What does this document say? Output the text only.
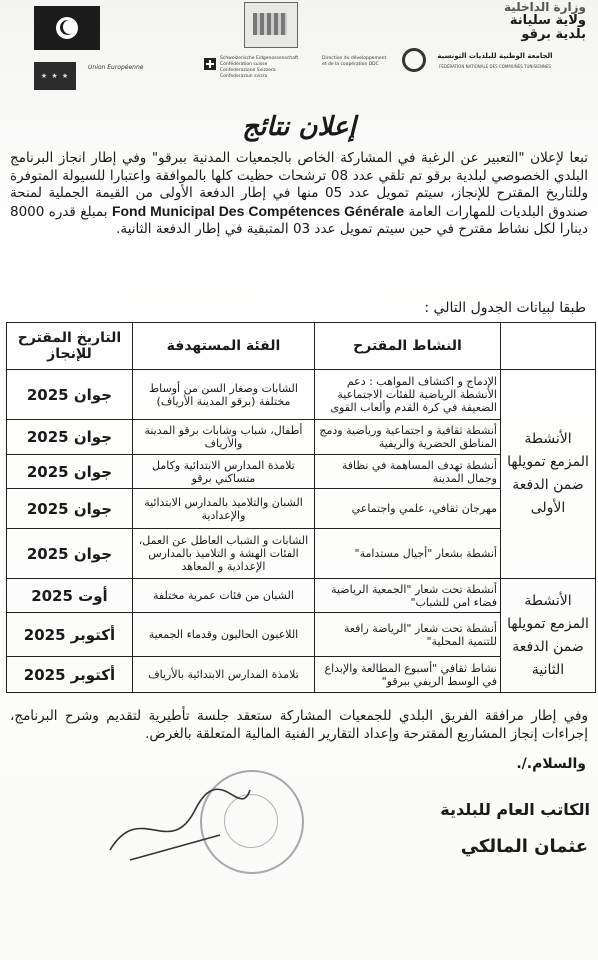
★ ★ ★
Union Européenne
Schweizerische Eidgenossenschaft Confédération suisse Confederazione Svizzera Confederaziun svizra
Direction du développement et de la coopération DDC
الجامعة الوطنية للبلديات التونسية
FÉDÉRATION NATIONALE DES COMMUNES TUNISIENNES
وزارة الداخلية
ولاية سليانة
بلدية برقو
إعلان نتائج
تبعا لإعلان "التعبير عن الرغبة في المشاركة الخاص بالجمعيات المدنية ببرقو" وفي إطار انجاز البرنامج البلدي الخصوصي لبلدية برقو تم تلقي عدد 08 ترشحات حظيت كلها بالموافقة واعتبارا للسيولة المتوفرة وللتاريخ المقترح للإنجاز، سيتم تمويل عدد 05 منها في إطار الدفعة الأولى من القيمة الجملية لمنحة صندوق البلديات للمهارات العامة Fond Municipal Des Compétences Générale بمبلغ قدره 8000 دينارا لكل نشاط مقترح في حين سيتم تمويل عدد 03 المتبقية في إطار الدفعة الثانية.
طبقا لبيانات الجدول التالي :
	النشاط المقترح	الفئة المستهدفة	التاريخ المقترح للإنجاز
الأنشطة المزمع تمويلها ضمن الدفعة الأولى	الإدماج و اكتشاف المواهب : دعم الأنشطة الرياضية للفئات الاجتماعية الضعيفة في كرة القدم وألعاب القوى	الشابات وصغار السن من أوساط مختلفة (برقو المدينة الأرياف)	جوان 2025
	أنشطة ثقافية و اجتماعية ورياضية ودمج المناطق الحضرية والريفية	أطفال، شباب وشابات برقو المدينة والأرياف	جوان 2025
	أنشطة تهدف المساهمة في نظافة وجمال المدينة	تلامذة المدارس الابتدائية وكامل متساكني برقو	جوان 2025
	مهرجان ثقافي، علمي واجتماعي	الشبان والتلاميذ بالمدارس الابتدائية والإعدادية	جوان 2025
	أنشطة بشعار "أجيال مستدامة"	الشابات و الشباب العاطل عن العمل، الفئات الهشة و التلاميذ بالمدارس الإعدادية و المعاهد	جوان 2025
الأنشطة المزمع تمويلها ضمن الدفعة الثانية	أنشطة تحت شعار "الجمعية الرياضية فضاء امن للشباب"	الشبان من فئات عمرية مختلفة	أوت 2025
	أنشطة تحت شعار "الرياضة رافعة للتنمية المحلية"	اللاعبون الحاليون وقدماء الجمعية	أكتوبر 2025
	نشاط ثقافي "أسبوع المطالعة والإبداع في الوسط الريفي ببرقو"	تلامذة المدارس الابتدائية بالأرياف	أكتوبر 2025
وفي إطار مرافقة الفريق البلدي للجمعيات المشاركة ستعقد جلسة تأطيرية لتقديم وشرح البرنامج، إجراءات إنجاز المشاريع المقترحة وإعداد التقارير الفنية المالية المتعلقة بالغرض.
والسلام./.
الكاتب العام للبلدية
عثمان المالكي
